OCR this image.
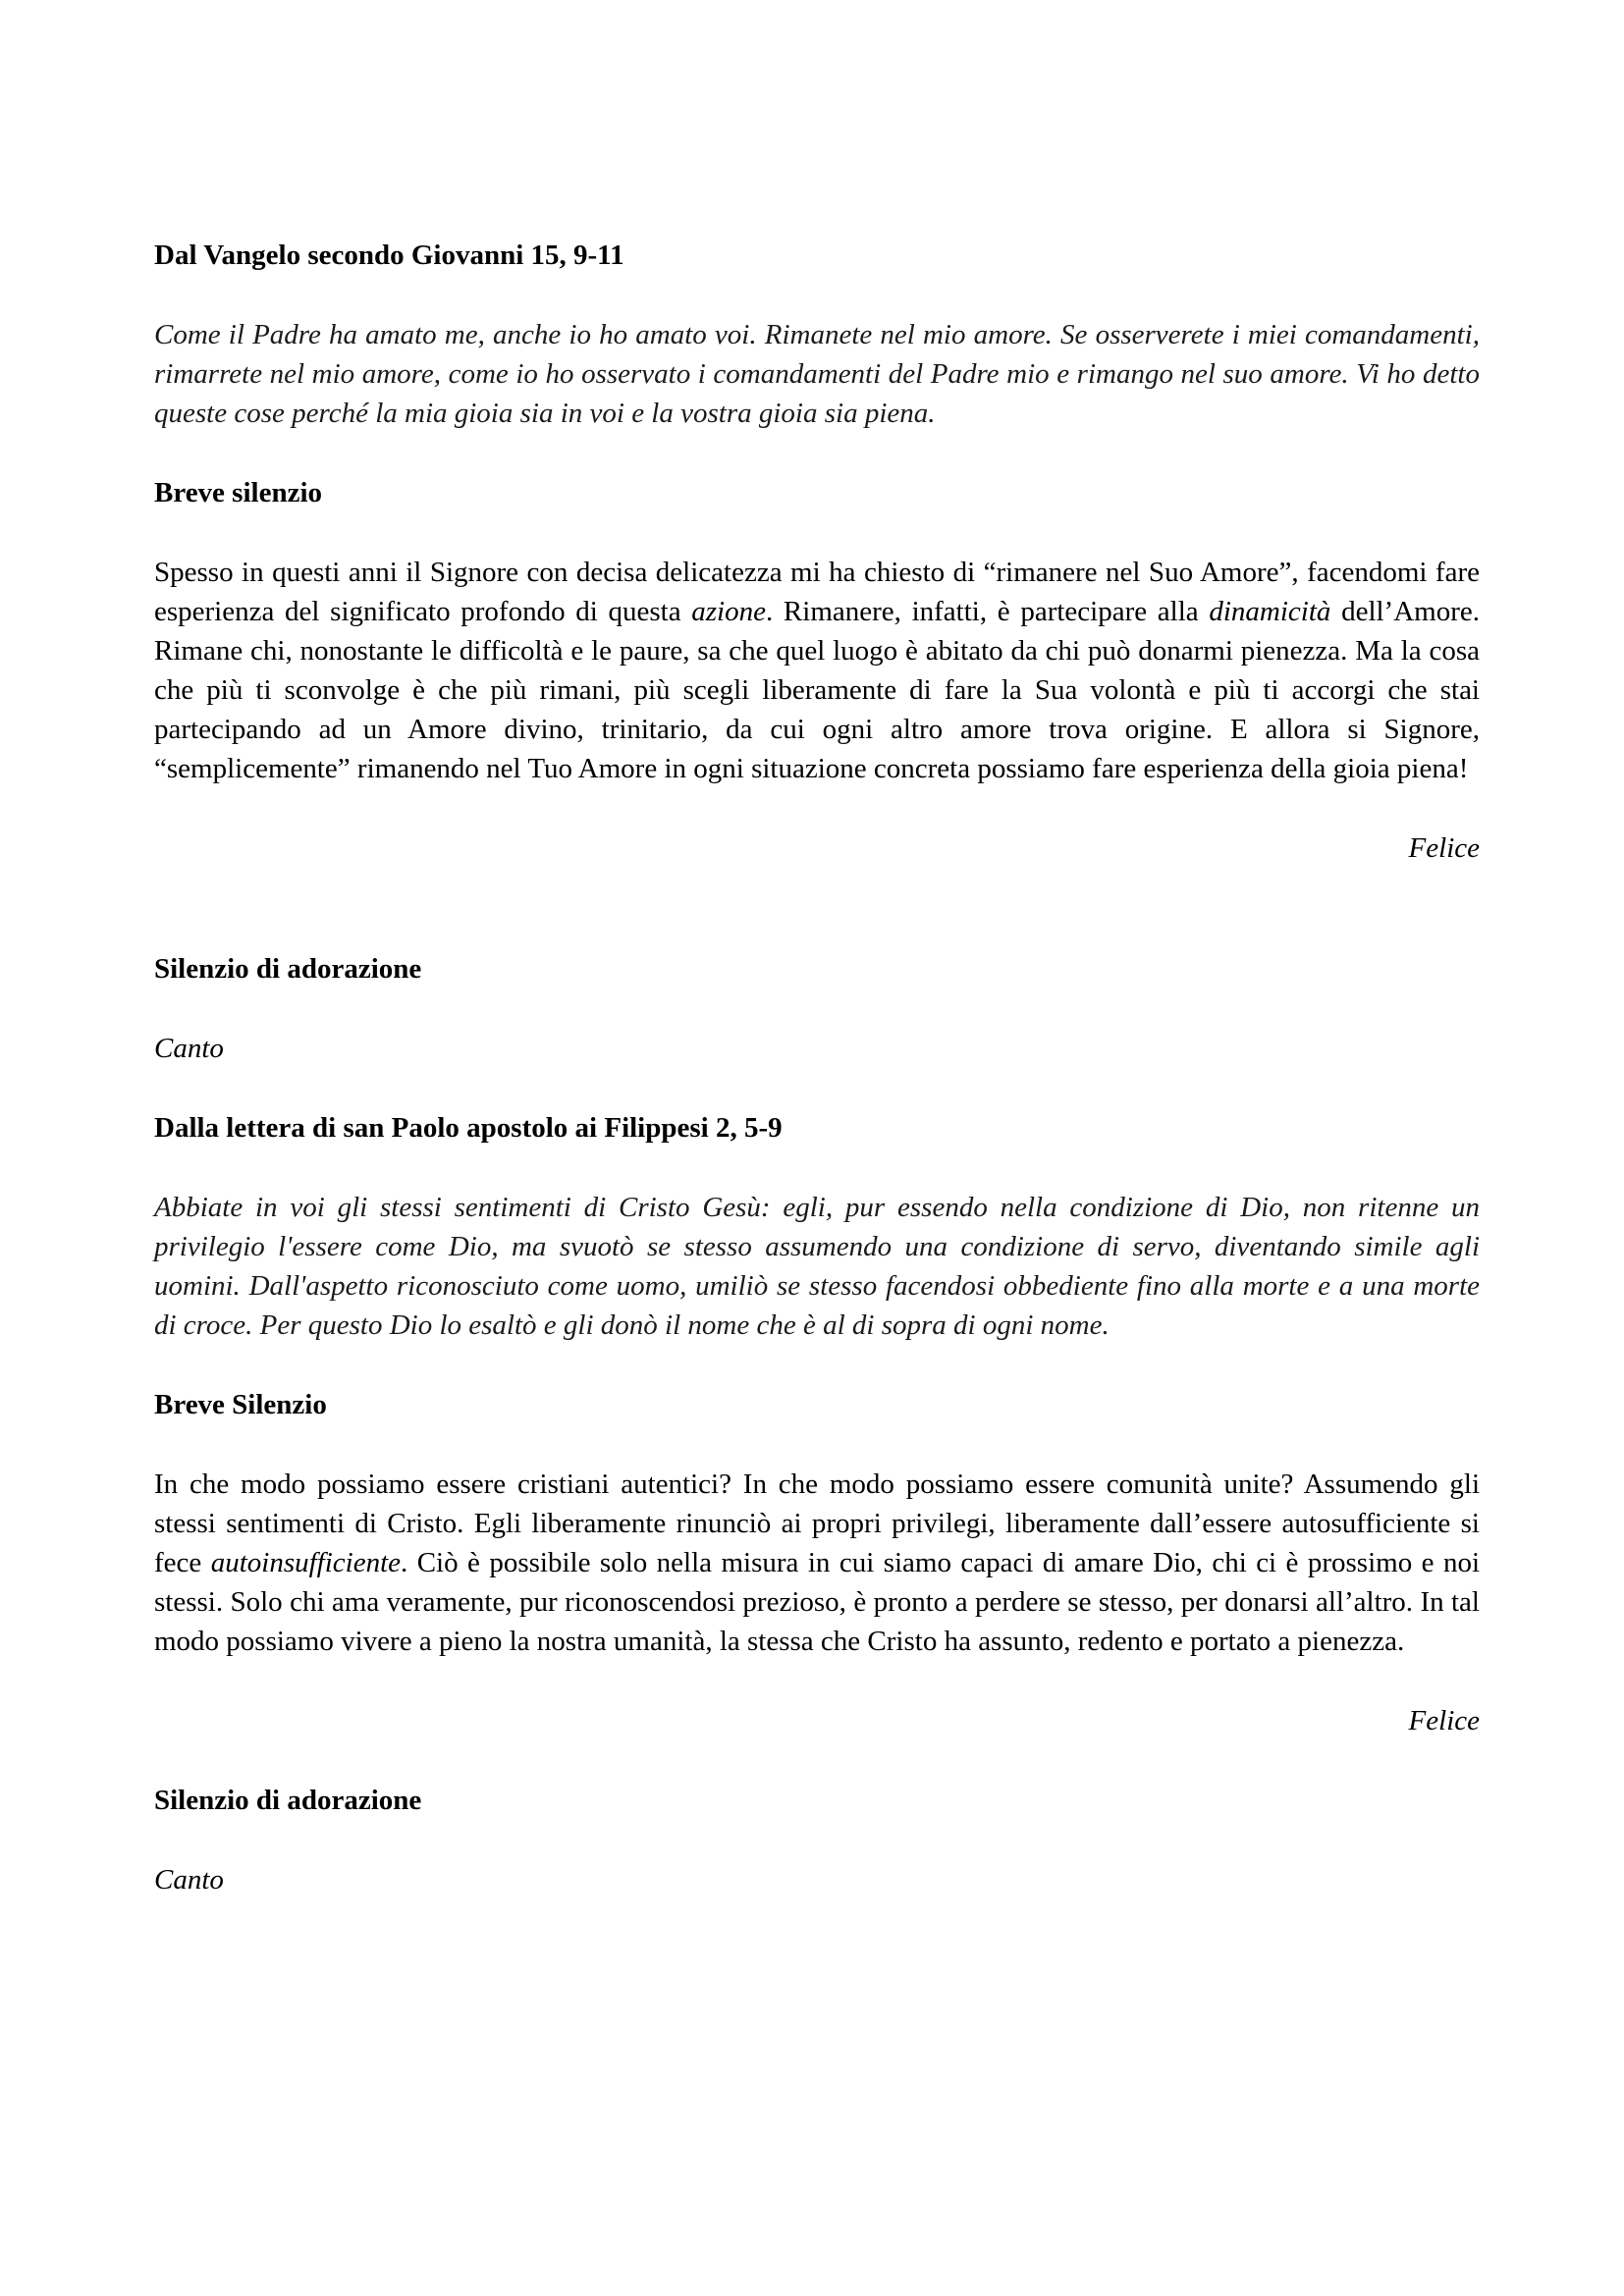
Dal Vangelo secondo Giovanni 15, 9-11

Come il Padre ha amato me, anche io ho amato voi. Rimanete nel mio amore. Se osserverete i miei comandamenti, rimarrete nel mio amore, come io ho osservato i comandamenti del Padre mio e rimango nel suo amore. Vi ho detto queste cose perché la mia gioia sia in voi e la vostra gioia sia piena.

Breve silenzio

Spesso in questi anni il Signore con decisa delicatezza mi ha chiesto di “rimanere nel Suo Amore”, facendomi fare esperienza del significato profondo di questa azione. Rimanere, infatti, è partecipare alla dinamicità dell’Amore. Rimane chi, nonostante le difficoltà e le paure, sa che quel luogo è abitato da chi può donarmi pienezza. Ma la cosa che più ti sconvolge è che più rimani, più scegli liberamente di fare la Sua volontà e più ti accorgi che stai partecipando ad un Amore divino, trinitario, da cui ogni altro amore trova origine. E allora si Signore, “semplicemente” rimanendo nel Tuo Amore in ogni situazione concreta possiamo fare esperienza della gioia piena!

Felice

Silenzio di adorazione

Canto

Dalla lettera di san Paolo apostolo ai Filippesi 2, 5-9

Abbiate in voi gli stessi sentimenti di Cristo Gesù: egli, pur essendo nella condizione di Dio, non ritenne un privilegio l'essere come Dio, ma svuotò se stesso assumendo una condizione di servo, diventando simile agli uomini. Dall'aspetto riconosciuto come uomo, umiliò se stesso facendosi obbediente fino alla morte e a una morte di croce. Per questo Dio lo esaltò e gli donò il nome che è al di sopra di ogni nome.

Breve Silenzio

In che modo possiamo essere cristiani autentici? In che modo possiamo essere comunità unite? Assumendo gli stessi sentimenti di Cristo. Egli liberamente rinunciò ai propri privilegi, liberamente dall’essere autosufficiente si fece autoinsufficiente. Ciò è possibile solo nella misura in cui siamo capaci di amare Dio, chi ci è prossimo e noi stessi. Solo chi ama veramente, pur riconoscendosi prezioso, è pronto a perdere se stesso, per donarsi all’altro. In tal modo possiamo vivere a pieno la nostra umanità, la stessa che Cristo ha assunto, redento e portato a pienezza.

Felice

Silenzio di adorazione

Canto
